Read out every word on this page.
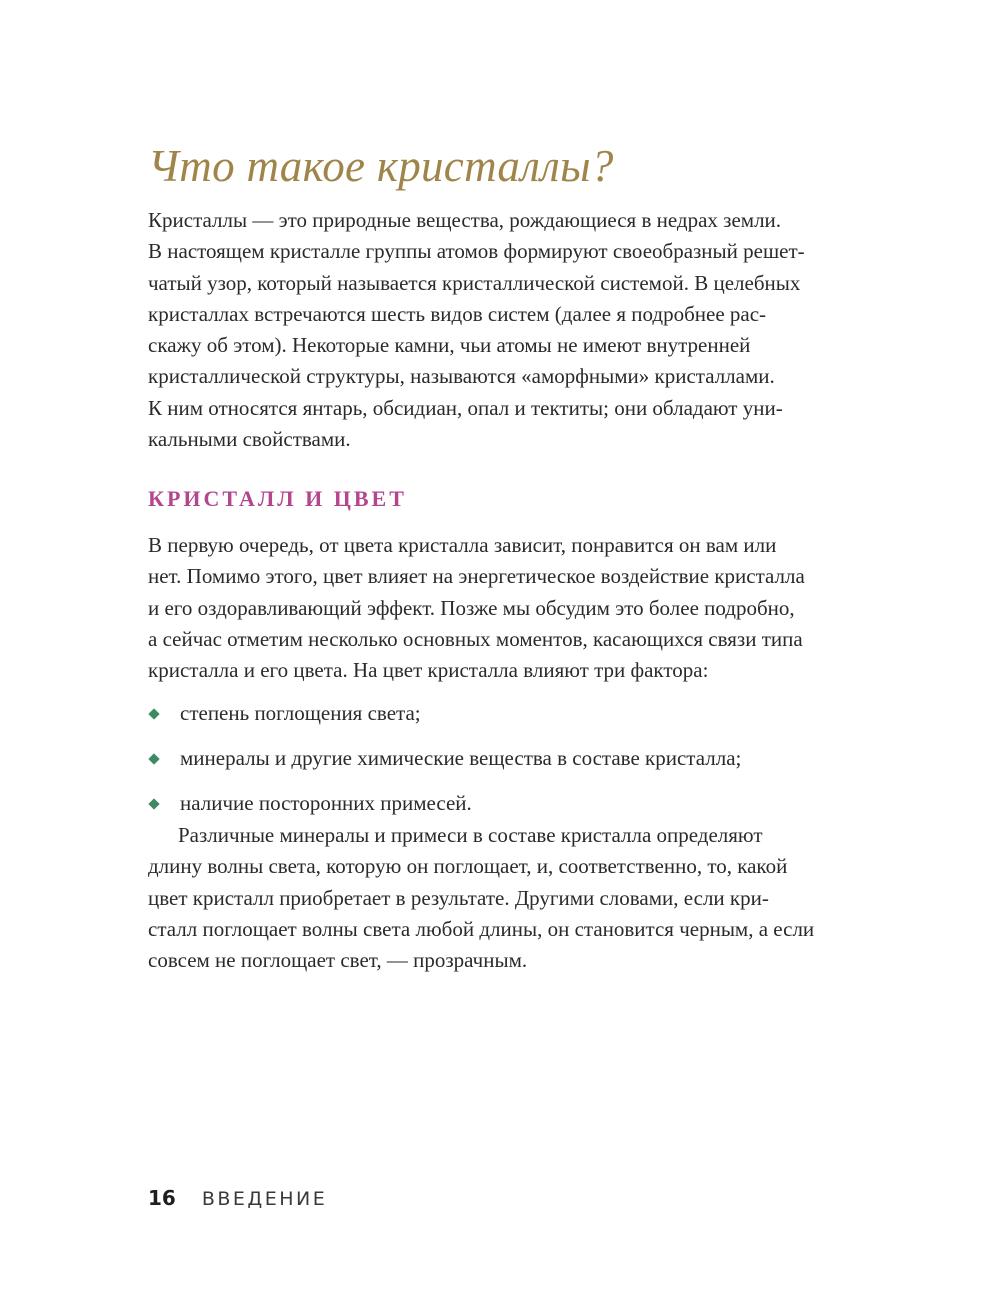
Что такое кристаллы?

Кристаллы — это природные вещества, рождающиеся в недрах земли.
В настоящем кристалле группы атомов формируют своеобразный решет-
чатый узор, который называется кристаллической системой. В целебных
кристаллах встречаются шесть видов систем (далее я подробнее рас-
скажу об этом). Некоторые камни, чьи атомы не имеют внутренней
кристаллической структуры, называются «аморфными» кристаллами.
К ним относятся янтарь, обсидиан, опал и тектиты; они обладают уни-
кальными свойствами.

КРИСТАЛЛ И ЦВЕТ

В первую очередь, от цвета кристалла зависит, понравится он вам или
нет. Помимо этого, цвет влияет на энергетическое воздействие кристалла
и его оздоравливающий эффект. Позже мы обсудим это более подробно,
а сейчас отметим несколько основных моментов, касающихся связи типа
кристалла и его цвета. На цвет кристалла влияют три фактора:

степень поглощения света;
минералы и другие химические вещества в составе кристалла;
наличие посторонних примесей.

Различные минералы и примеси в составе кристалла определяют
длину волны света, которую он поглощает, и, соответственно, то, какой
цвет кристалл приобретает в результате. Другими словами, если кри-
сталл поглощает волны света любой длины, он становится черным, а если
совсем не поглощает свет, — прозрачным.

16 ВВЕДЕНИЕ
